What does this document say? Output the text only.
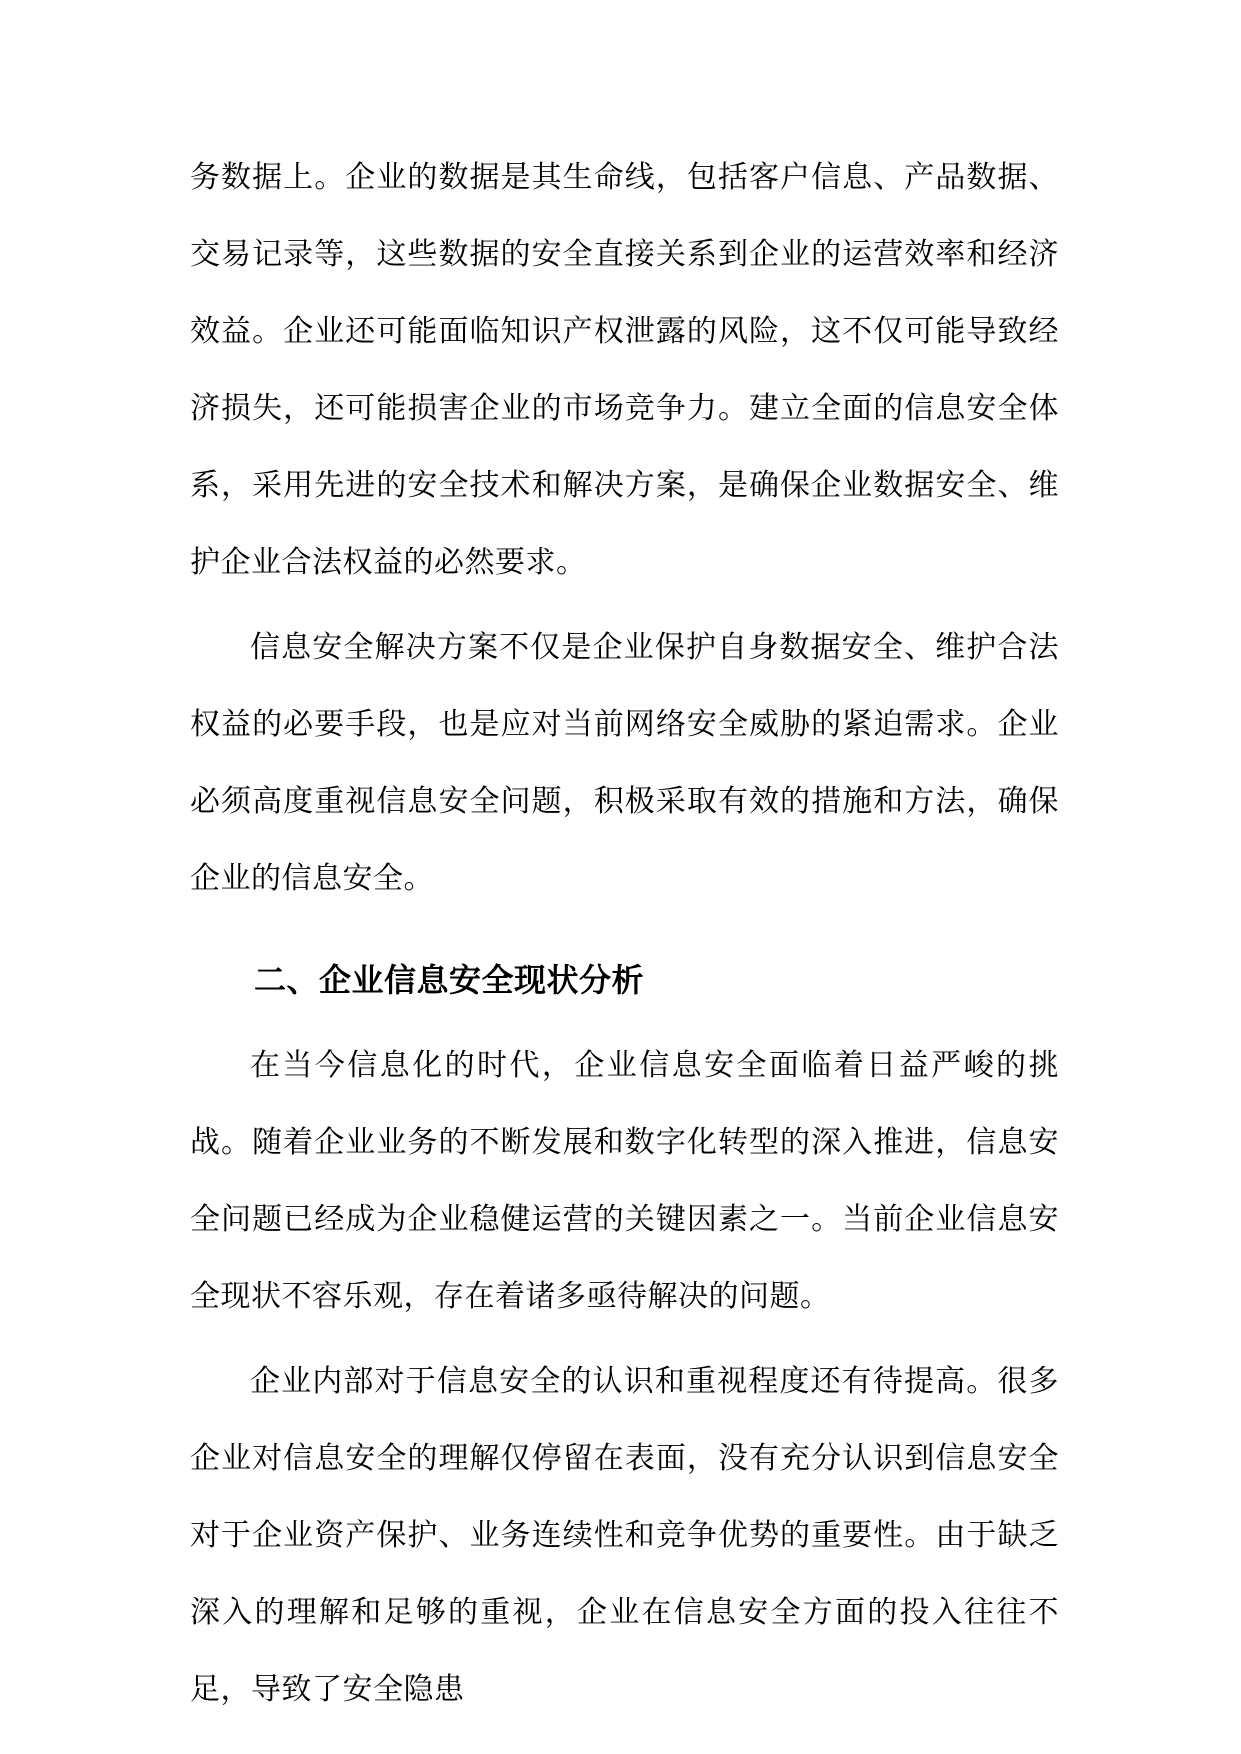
务数据上。企业的数据是其生命线，包括客户信息、产品数据、交易记录等，这些数据的安全直接关系到企业的运营效率和经济效益。企业还可能面临知识产权泄露的风险，这不仅可能导致经济损失，还可能损害企业的市场竞争力。建立全面的信息安全体系，采用先进的安全技术和解决方案，是确保企业数据安全、维护企业合法权益的必然要求。

信息安全解决方案不仅是企业保护自身数据安全、维护合法权益的必要手段，也是应对当前网络安全威胁的紧迫需求。企业必须高度重视信息安全问题，积极采取有效的措施和方法，确保企业的信息安全。

二、企业信息安全现状分析

在当今信息化的时代，企业信息安全面临着日益严峻的挑战。随着企业业务的不断发展和数字化转型的深入推进，信息安全问题已经成为企业稳健运营的关键因素之一。当前企业信息安全现状不容乐观，存在着诸多亟待解决的问题。

企业内部对于信息安全的认识和重视程度还有待提高。很多企业对信息安全的理解仅停留在表面，没有充分认识到信息安全对于企业资产保护、业务连续性和竞争优势的重要性。由于缺乏深入的理解和足够的重视，企业在信息安全方面的投入往往不足，导致了安全隐患
